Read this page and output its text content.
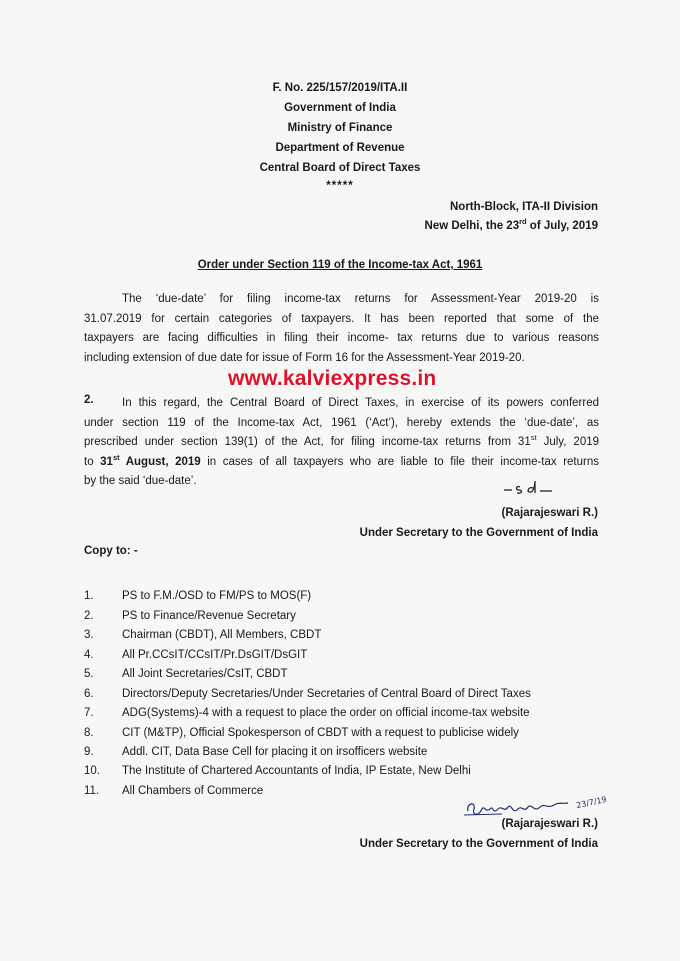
F. No. 225/157/2019/ITA.II
Government of India
Ministry of Finance
Department of Revenue
Central Board of Direct Taxes
*****
North-Block, ITA-II Division
New Delhi, the 23rd of July, 2019
Order under Section 119 of the Income-tax Act, 1961
The ‘due-date’ for filing income-tax returns for Assessment-Year 2019-20 is
31.07.2019 for certain categories of taxpayers. It has been reported that some of the
taxpayers are facing difficulties in filing their income- tax returns due to various reasons
including extension of due date for issue of Form 16 for the Assessment-Year 2019-20.
2. In this regard, the Central Board of Direct Taxes, in exercise of its powers conferred
under section 119 of the Income-tax Act, 1961 (‘Act’), hereby extends the ‘due-date’, as
prescribed under section 139(1) of the Act, for filing income-tax returns from 31st July, 2019
to 31st August, 2019 in cases of all taxpayers who are liable to file their income-tax returns
by the said ‘due-date’.
www.kalviexpress.in
(Rajarajeswari R.)
Under Secretary to the Government of India
Copy to: -
1.	PS to F.M./OSD to FM/PS to MOS(F)
2.	PS to Finance/Revenue Secretary
3.	Chairman (CBDT), All Members, CBDT
4.	All Pr.CCsIT/CCsIT/Pr.DsGIT/DsGIT
5.	All Joint Secretaries/CsIT, CBDT
6.	Directors/Deputy Secretaries/Under Secretaries of Central Board of Direct Taxes
7.	ADG(Systems)-4 with a request to place the order on official income-tax website
8.	CIT (M&TP), Official Spokesperson of CBDT with a request to publicise widely
9.	Addl. CIT, Data Base Cell for placing it on irsofficers website
10.	The Institute of Chartered Accountants of India, IP Estate, New Delhi
11.	All Chambers of Commerce
23/7/19
(Rajarajeswari R.)
Under Secretary to the Government of India
